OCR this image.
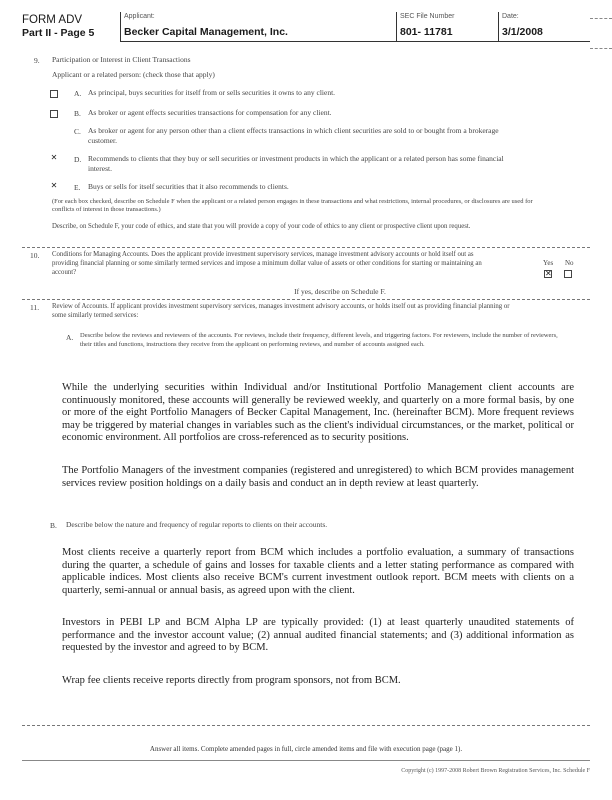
FORM ADV
Part II - Page 5
Applicant:
Becker Capital Management, Inc.
SEC File Number
801- 11781
Date:
3/1/2008
9. Participation or Interest in Client Transactions
Applicant or a related person: (check those that apply)
A. As principal, buys securities for itself from or sells securities it owns to any client.
B. As broker or agent effects securities transactions for compensation for any client.
C. As broker or agent for any person other than a client effects transactions in which client securities are sold to or bought from a brokerage customer.
✕ D. Recommends to clients that they buy or sell securities or investment products in which the applicant or a related person has some financial interest.
✕ E. Buys or sells for itself securities that it also recommends to clients.
(For each box checked, describe on Schedule F when the applicant or a related person engages in these transactions and what restrictions, internal procedures, or disclosures are used for conflicts of interest in those transactions.)
Describe, on Schedule F, your code of ethics, and state that you will provide a copy of your code of ethics to any client or prospective client upon request.
10. Conditions for Managing Accounts. Does the applicant provide investment supervisory services, manage investment advisory accounts or hold itself out as providing financial planning or some similarly termed services and impose a minimum dollar value of assets or other conditions for starting or maintaining an account?
Yes No
✕
If yes, describe on Schedule F.
11. Review of Accounts. If applicant provides investment supervisory services, manages investment advisory accounts, or holds itself out as providing financial planning or some similarly termed services:
A. Describe below the reviews and reviewers of the accounts. For reviews, include their frequency, different levels, and triggering factors. For reviewers, include the number of reviewers, their titles and functions, instructions they receive from the applicant on performing reviews, and number of accounts assigned each.
While the underlying securities within Individual and/or Institutional Portfolio Management client accounts are continuously monitored, these accounts will generally be reviewed weekly, and quarterly on a more formal basis, by one or more of the eight Portfolio Managers of Becker Capital Management, Inc. (hereinafter BCM). More frequent reviews may be triggered by material changes in variables such as the client's individual circumstances, or the market, political or economic environment. All portfolios are cross-referenced as to security positions.
The Portfolio Managers of the investment companies (registered and unregistered) to which BCM provides management services review position holdings on a daily basis and conduct an in depth review at least quarterly.
B. Describe below the nature and frequency of regular reports to clients on their accounts.
Most clients receive a quarterly report from BCM which includes a portfolio evaluation, a summary of transactions during the quarter, a schedule of gains and losses for taxable clients and a letter stating performance as compared with applicable indices. Most clients also receive BCM's current investment outlook report. BCM meets with clients on a quarterly, semi-annual or annual basis, as agreed upon with the client.
Investors in PEBI LP and BCM Alpha LP are typically provided: (1) at least quarterly unaudited statements of performance and the investor account value; (2) annual audited financial statements; and (3) additional information as requested by the investor and agreed to by BCM.
Wrap fee clients receive reports directly from program sponsors, not from BCM.
Answer all items. Complete amended pages in full, circle amended items and file with execution page (page 1).
Copyright (c) 1997-2008 Robert Brown Registration Services, Inc. Schedule F
